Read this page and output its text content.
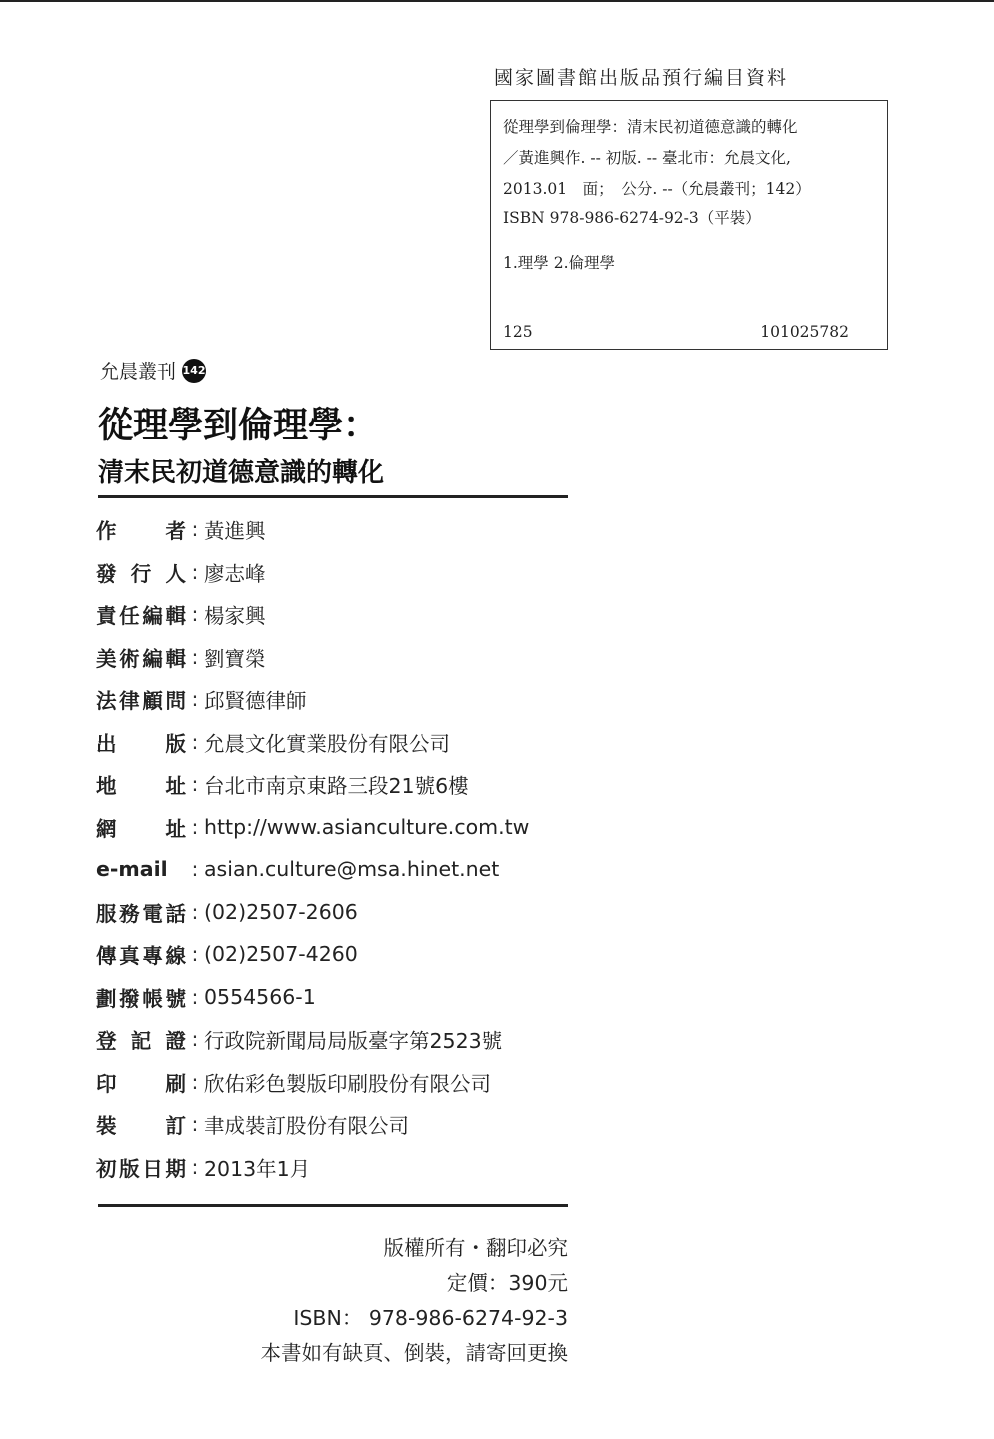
國家圖書館出版品預行編目資料
從理學到倫理學：清末民初道德意識的轉化
／黃進興作. -- 初版. -- 臺北市：允晨文化,
2013.01　面；　公分. --（允晨叢刊；142）
ISBN 978-986-6274-92-3（平裝）
1.理學 2.倫理學
125	101025782
允晨叢刊 142
從理學到倫理學：
清末民初道德意識的轉化
作 者 : 黃進興
發 行 人 : 廖志峰
責 任 編 輯 : 楊家興
美 術 編 輯 : 劉寶榮
法 律 顧 問 : 邱賢德律師
出 版 : 允晨文化實業股份有限公司
地 址 : 台北市南京東路三段21號6樓
網 址 : http://www.asianculture.com.tw
e-mail	: asian.culture@msa.hinet.net
服 務 電 話 : (02)2507-2606
傳 真 專 線 : (02)2507-4260
劃 撥 帳 號 : 0554566-1
登 記 證 : 行政院新聞局局版臺字第2523號
印 刷 : 欣佑彩色製版印刷股份有限公司
裝 訂 : 聿成裝訂股份有限公司
初 版 日 期 : 2013年1月
版權所有・翻印必究
定價：390元
ISBN： 978-986-6274-92-3
本書如有缺頁、倒裝，請寄回更換
